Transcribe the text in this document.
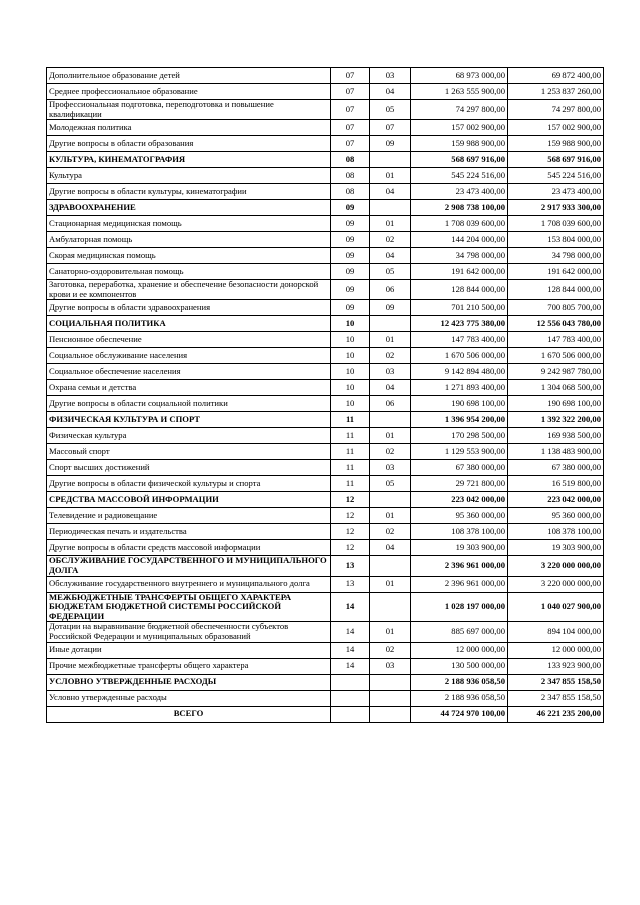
Дополнительное образование детей	07	03	68 973 000,00	69 872 400,00
Среднее профессиональное образование	07	04	1 263 555 900,00	1 253 837 260,00
Профессиональная подготовка, переподготовка и повышение квалификации	07	05	74 297 800,00	74 297 800,00
Молодежная политика	07	07	157 002 900,00	157 002 900,00
Другие вопросы в области образования	07	09	159 988 900,00	159 988 900,00
КУЛЬТУРА, КИНЕМАТОГРАФИЯ	08		568 697 916,00	568 697 916,00
Культура	08	01	545 224 516,00	545 224 516,00
Другие вопросы в области культуры, кинематографии	08	04	23 473 400,00	23 473 400,00
ЗДРАВООХРАНЕНИЕ	09		2 908 738 100,00	2 917 933 300,00
Стационарная медицинская помощь	09	01	1 708 039 600,00	1 708 039 600,00
Амбулаторная помощь	09	02	144 204 000,00	153 804 000,00
Скорая медицинская помощь	09	04	34 798 000,00	34 798 000,00
Санаторно-оздоровительная помощь	09	05	191 642 000,00	191 642 000,00
Заготовка, переработка, хранение и обеспечение безопасности донорской крови и ее компонентов	09	06	128 844 000,00	128 844 000,00
Другие вопросы в области здравоохранения	09	09	701 210 500,00	700 805 700,00
СОЦИАЛЬНАЯ ПОЛИТИКА	10		12 423 775 380,00	12 556 043 780,00
Пенсионное обеспечение	10	01	147 783 400,00	147 783 400,00
Социальное обслуживание населения	10	02	1 670 506 000,00	1 670 506 000,00
Социальное обеспечение населения	10	03	9 142 894 480,00	9 242 987 780,00
Охрана семьи и детства	10	04	1 271 893 400,00	1 304 068 500,00
Другие вопросы в области социальной политики	10	06	190 698 100,00	190 698 100,00
ФИЗИЧЕСКАЯ КУЛЬТУРА И СПОРТ	11		1 396 954 200,00	1 392 322 200,00
Физическая культура	11	01	170 298 500,00	169 938 500,00
Массовый спорт	11	02	1 129 553 900,00	1 138 483 900,00
Спорт высших достижений	11	03	67 380 000,00	67 380 000,00
Другие вопросы в области физической культуры и спорта	11	05	29 721 800,00	16 519 800,00
СРЕДСТВА МАССОВОЙ ИНФОРМАЦИИ	12		223 042 000,00	223 042 000,00
Телевидение и радиовещание	12	01	95 360 000,00	95 360 000,00
Периодическая печать и издательства	12	02	108 378 100,00	108 378 100,00
Другие вопросы в области средств массовой информации	12	04	19 303 900,00	19 303 900,00
ОБСЛУЖИВАНИЕ ГОСУДАРСТВЕННОГО И МУНИЦИПАЛЬНОГО ДОЛГА	13		2 396 961 000,00	3 220 000 000,00
Обслуживание государственного внутреннего и муниципального долга	13	01	2 396 961 000,00	3 220 000 000,00
МЕЖБЮДЖЕТНЫЕ ТРАНСФЕРТЫ ОБЩЕГО ХАРАКТЕРА БЮДЖЕТАМ БЮДЖЕТНОЙ СИСТЕМЫ РОССИЙСКОЙ ФЕДЕРАЦИИ	14		1 028 197 000,00	1 040 027 900,00
Дотации на выравнивание бюджетной обеспеченности субъектов Российской Федерации и муниципальных образований	14	01	885 697 000,00	894 104 000,00
Иные дотации	14	02	12 000 000,00	12 000 000,00
Прочие межбюджетные трансферты общего характера	14	03	130 500 000,00	133 923 900,00
УСЛОВНО УТВЕРЖДЕННЫЕ РАСХОДЫ			2 188 936 058,50	2 347 855 158,50
Условно утвержденные расходы			2 188 936 058,50	2 347 855 158,50
ВСЕГО			44 724 970 100,00	46 221 235 200,00
